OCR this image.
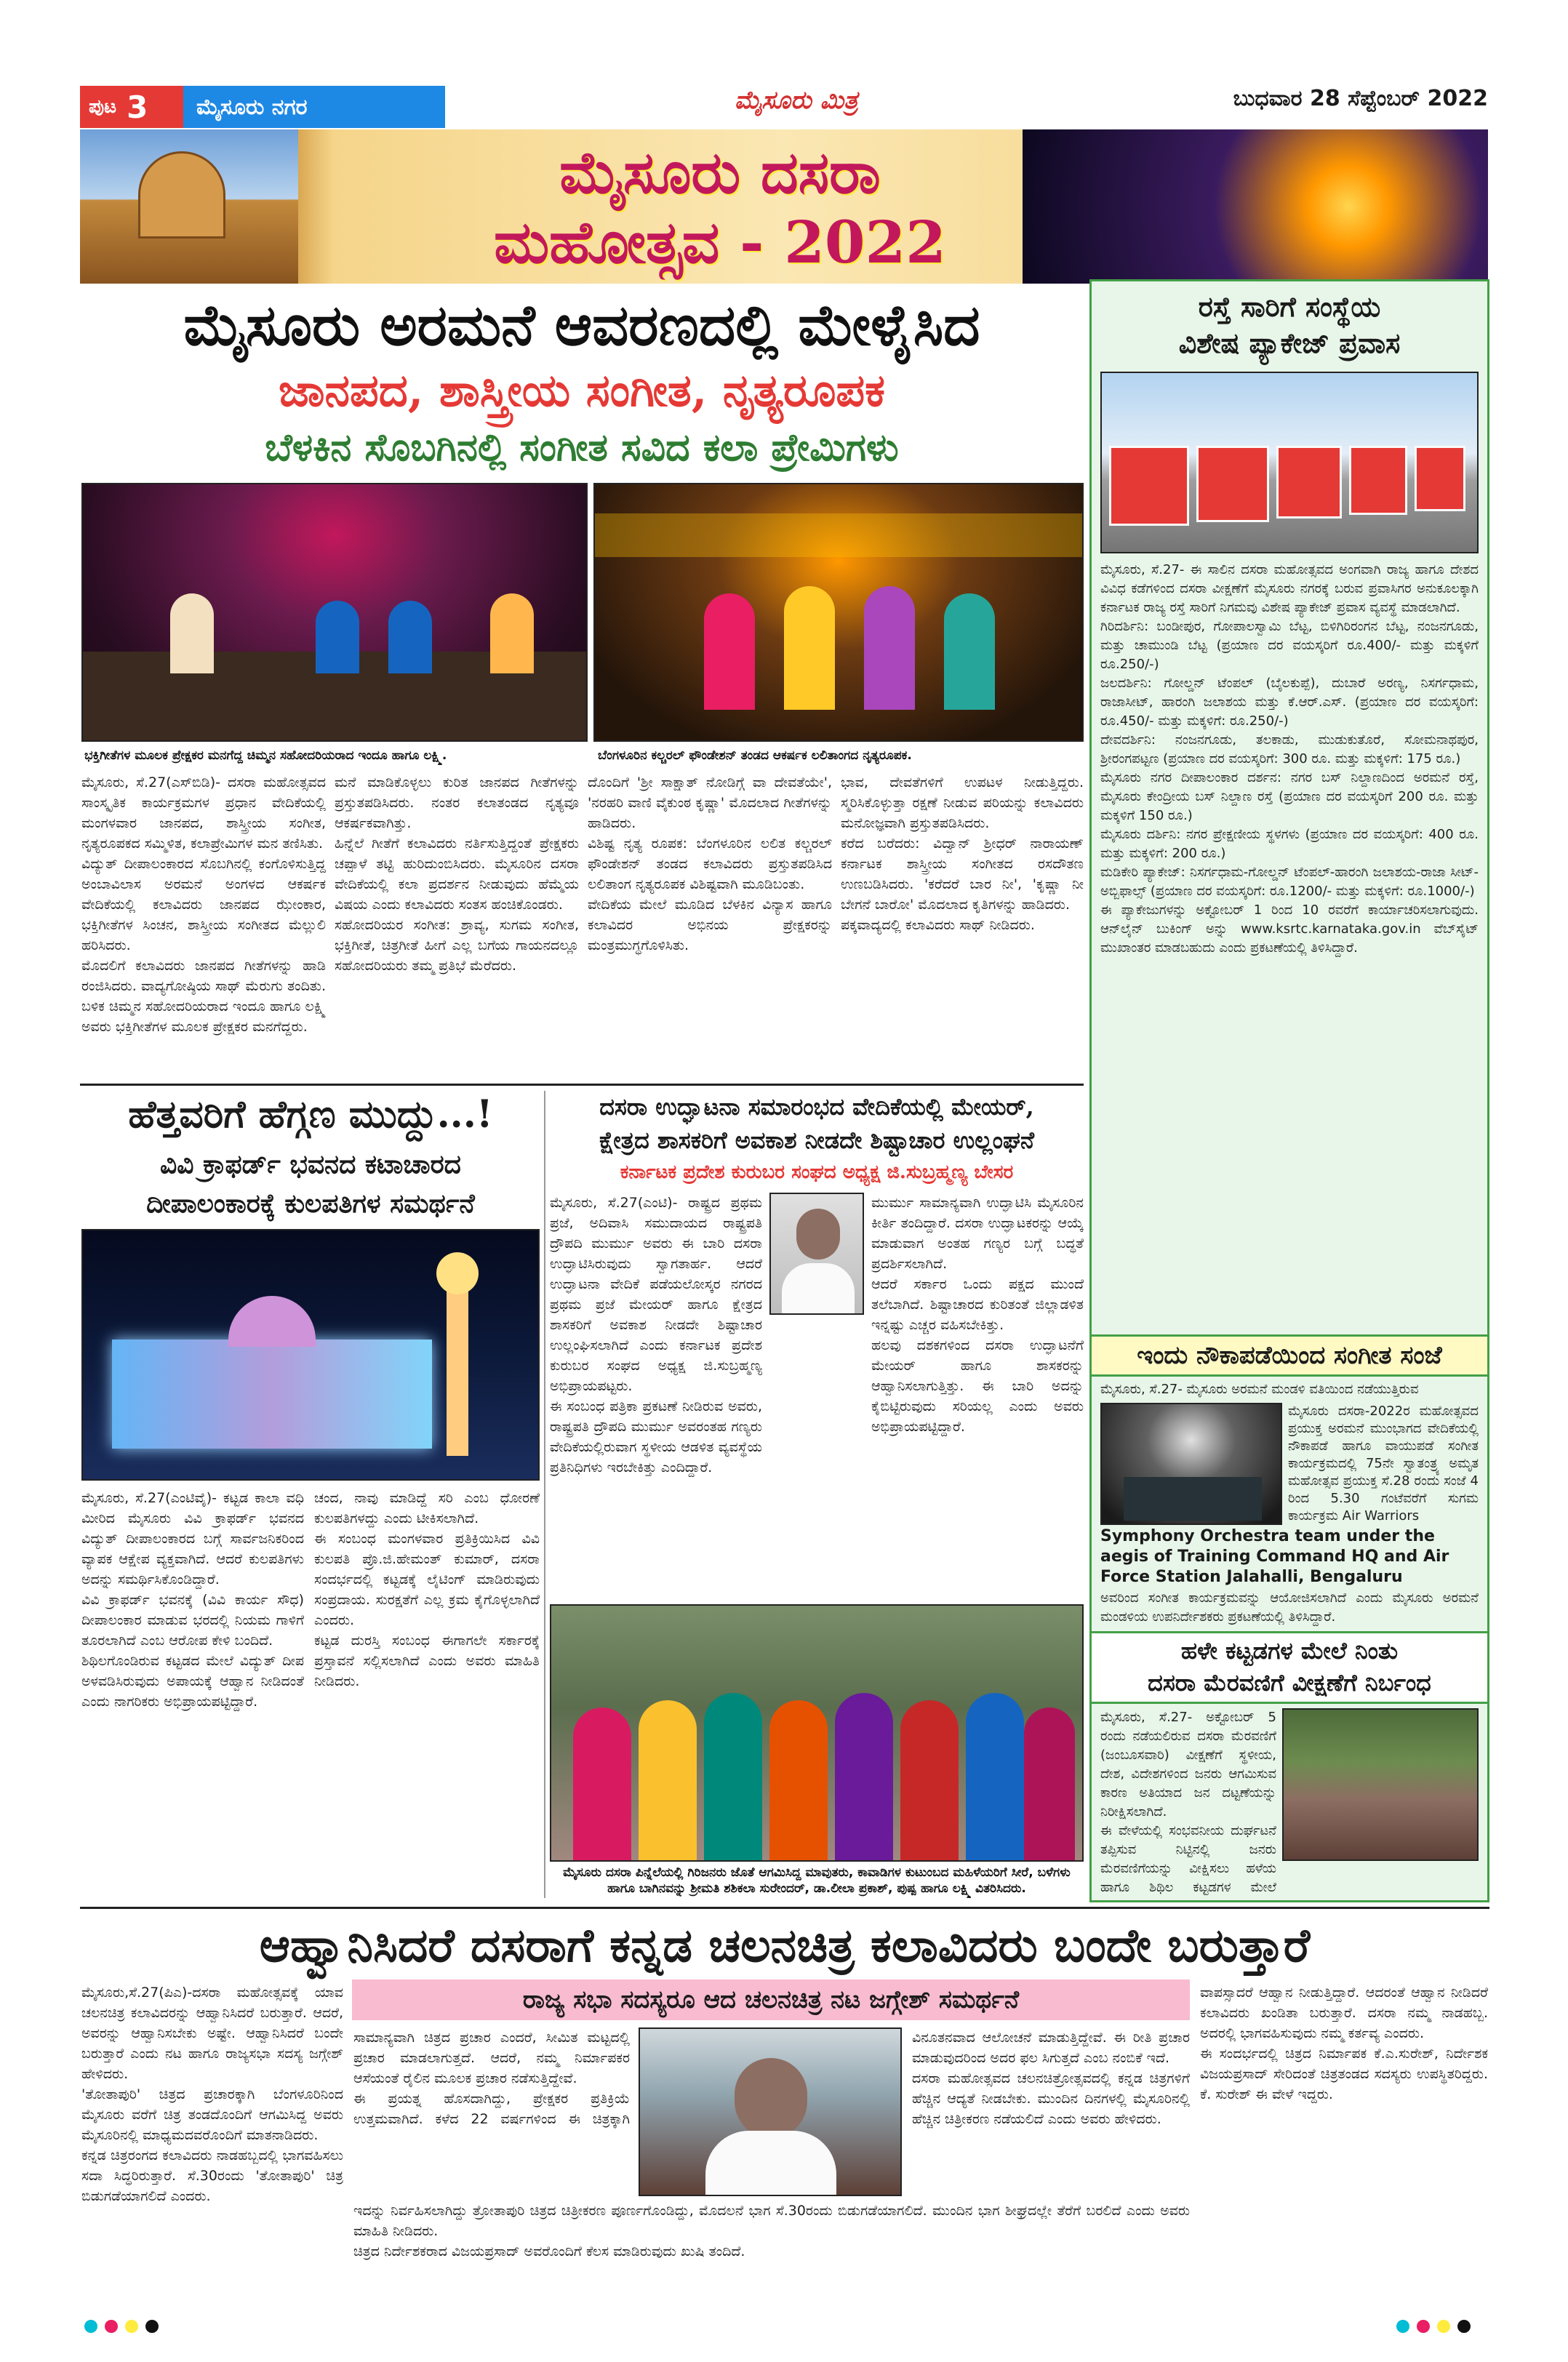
ಪುಟ 3	ಮೈಸೂರು ನಗರ	ಮೈಸೂರು ಮಿತ್ರ	ಬುಧವಾರ 28 ಸೆಪ್ಟೆಂಬರ್ 2022
ಮೈಸೂರು ದಸರಾ
ಮಹೋತ್ಸವ - 2022
ಮೈಸೂರು ಅರಮನೆ ಆವರಣದಲ್ಲಿ ಮೇಳೈಸಿದ
ಜಾನಪದ, ಶಾಸ್ತ್ರೀಯ ಸಂಗೀತ, ನೃತ್ಯರೂಪಕ
ಬೆಳಕಿನ ಸೊಬಗಿನಲ್ಲಿ ಸಂಗೀತ ಸವಿದ ಕಲಾ ಪ್ರೇಮಿಗಳು
ಭಕ್ತಿಗೀತೆಗಳ ಮೂಲಕ ಪ್ರೇಕ್ಷಕರ ಮನಗೆದ್ದ ಚಿಮ್ಮನ ಸಹೋದರಿಯರಾದ ಇಂದೂ ಹಾಗೂ ಲಕ್ಷ್ಮಿ.	ಬೆಂಗಳೂರಿನ ಕಲ್ಚರಲ್ ಫೌಂಡೇಶನ್ ತಂಡದ ಆಕರ್ಷಕ ಲಲಿತಾಂಗದ ನೃತ್ಯರೂಪಕ.
ಮೈಸೂರು, ಸೆ.27(ಎಸ್‌ಬಿಡಿ)- ದಸರಾ ಮಹೋತ್ಸವದ ಸಾಂಸ್ಕೃತಿಕ ಕಾರ್ಯಕ್ರಮಗಳ ಪ್ರಧಾನ ವೇದಿಕೆಯಲ್ಲಿ ಮಂಗಳವಾರ ಜಾನಪದ, ಶಾಸ್ತ್ರೀಯ ಸಂಗೀತ, ನೃತ್ಯರೂಪಕದ ಸಮ್ಮಿಳಿತ, ಕಲಾಪ್ರೇಮಿಗಳ ಮನ ತಣಿಸಿತು.
ವಿದ್ಯುತ್ ದೀಪಾಲಂಕಾರದ ಸೊಬಗಿನಲ್ಲಿ ಕಂಗೊಳಿಸುತ್ತಿದ್ದ ಅಂಬಾವಿಲಾಸ ಅರಮನೆ ಅಂಗಳದ ಆಕರ್ಷಕ ವೇದಿಕೆಯಲ್ಲಿ ಕಲಾವಿದರು ಜಾನಪದ ಝೇಂಕಾರ, ಭಕ್ತಿಗೀತೆಗಳ ಸಿಂಚನ, ಶಾಸ್ತ್ರೀಯ ಸಂಗೀತದ ಮೆಲ್ಲುಲಿ ಹರಿಸಿದರು.
ಮೊದಲಿಗೆ ಕಲಾವಿದರು ಜಾನಪದ ಗೀತೆಗಳನ್ನು ಹಾಡಿ ರಂಜಿಸಿದರು. ವಾದ್ಯಗೋಷ್ಠಿಯ ಸಾಥ್ ಮೆರುಗು ತಂದಿತು. ಬಳಿಕ ಚಿಮ್ಮನ ಸಹೋದರಿಯರಾದ ಇಂದೂ ಹಾಗೂ ಲಕ್ಷ್ಮಿ ಅವರು ಭಕ್ತಿಗೀತೆಗಳ ಮೂಲಕ ಪ್ರೇಕ್ಷಕರ ಮನಗೆದ್ದರು.
ಮನೆ ಮಾಡಿಕೊಳ್ಳಲು ಕುರಿತ ಜಾನಪದ ಗೀತೆಗಳನ್ನು ಪ್ರಸ್ತುತಪಡಿಸಿದರು. ನಂತರ ಕಲಾತಂಡದ ನೃತ್ಯವೂ ಆಕರ್ಷಕವಾಗಿತ್ತು.
ಹಿನ್ನೆಲೆ ಗೀತೆಗೆ ಕಲಾವಿದರು ನರ್ತಿಸುತ್ತಿದ್ದಂತೆ ಪ್ರೇಕ್ಷಕರು ಚಪ್ಪಾಳೆ ತಟ್ಟಿ ಹುರಿದುಂಬಿಸಿದರು. ಮೈಸೂರಿನ ದಸರಾ ವೇದಿಕೆಯಲ್ಲಿ ಕಲಾ ಪ್ರದರ್ಶನ ನೀಡುವುದು ಹೆಮ್ಮೆಯ ವಿಷಯ ಎಂದು ಕಲಾವಿದರು ಸಂತಸ ಹಂಚಿಕೊಂಡರು.
ಸಹೋದರಿಯರ ಸಂಗೀತ: ಶ್ರಾವ್ಯ, ಸುಗಮ ಸಂಗೀತ, ಭಕ್ತಿಗೀತೆ, ಚಿತ್ರಗೀತೆ ಹೀಗೆ ಎಲ್ಲ ಬಗೆಯ ಗಾಯನದಲ್ಲೂ ಸಹೋದರಿಯರು ತಮ್ಮ ಪ್ರತಿಭೆ ಮೆರೆದರು.
ದೊಂದಿಗೆ 'ಶ್ರೀ ಸಾಕ್ಷಾತ್ ನೋಡಿಗ್ಗೆ ವಾ ದೇವತೆಯೇ', 'ನರಹರಿ ವಾಣಿ ವೈಕುಂಠ ಕೃಷ್ಣಾ' ಮೊದಲಾದ ಗೀತೆಗಳನ್ನು ಹಾಡಿದರು.
ವಿಶಿಷ್ಟ ನೃತ್ಯ ರೂಪಕ: ಬೆಂಗಳೂರಿನ ಲಲಿತ ಕಲ್ಚರಲ್ ಫೌಂಡೇಶನ್ ತಂಡದ ಕಲಾವಿದರು ಪ್ರಸ್ತುತಪಡಿಸಿದ ಲಲಿತಾಂಗ ನೃತ್ಯರೂಪಕ ವಿಶಿಷ್ಟವಾಗಿ ಮೂಡಿಬಂತು.
ವೇದಿಕೆಯ ಮೇಲೆ ಮೂಡಿದ ಬೆಳಕಿನ ವಿನ್ಯಾಸ ಹಾಗೂ ಕಲಾವಿದರ ಅಭಿನಯ ಪ್ರೇಕ್ಷಕರನ್ನು ಮಂತ್ರಮುಗ್ಧಗೊಳಿಸಿತು.
ಭಾವ, ದೇವತೆಗಳಿಗೆ ಉಪಟಳ ನೀಡುತ್ತಿದ್ದರು. ಸ್ಮರಿಸಿಕೊಳ್ಳುತ್ತಾ ರಕ್ಷಣೆ ನೀಡುವ ಪರಿಯನ್ನು ಕಲಾವಿದರು ಮನೋಜ್ಞವಾಗಿ ಪ್ರಸ್ತುತಪಡಿಸಿದರು.
ಕರೆದ ಬರೆದರು: ವಿದ್ವಾನ್ ಶ್ರೀಧರ್ ನಾರಾಯಣ್ ಕರ್ನಾಟಕ ಶಾಸ್ತ್ರೀಯ ಸಂಗೀತದ ರಸದೌತಣ ಉಣಬಡಿಸಿದರು. 'ಕರೆದರೆ ಬಾರ ನೀ', 'ಕೃಷ್ಣಾ ನೀ ಬೇಗನೆ ಬಾರೋ' ಮೊದಲಾದ ಕೃತಿಗಳನ್ನು ಹಾಡಿದರು.
ಪಕ್ಕವಾದ್ಯದಲ್ಲಿ ಕಲಾವಿದರು ಸಾಥ್ ನೀಡಿದರು.
ಹೆತ್ತವರಿಗೆ ಹೆಗ್ಗಣ ಮುದ್ದು...!
ವಿವಿ ಕ್ರಾಫರ್ಡ್ ಭವನದ ಕಟಾಚಾರದ
ದೀಪಾಲಂಕಾರಕ್ಕೆ ಕುಲಪತಿಗಳ ಸಮರ್ಥನೆ
ಮೈಸೂರು, ಸೆ.27(ಎಂಟಿವೈ)- ಕಟ್ಟಡ ಕಾಲಾ ವಧಿ ಮೀರಿದ ಮೈಸೂರು ವಿವಿ ಕ್ರಾಫರ್ಡ್ ಭವನದ ವಿದ್ಯುತ್ ದೀಪಾಲಂಕಾರದ ಬಗ್ಗೆ ಸಾರ್ವಜನಿಕರಿಂದ ವ್ಯಾಪಕ ಆಕ್ಷೇಪ ವ್ಯಕ್ತವಾಗಿದೆ. ಆದರೆ ಕುಲಪತಿಗಳು ಅದನ್ನು ಸಮರ್ಥಿಸಿಕೊಂಡಿದ್ದಾರೆ.
ವಿವಿ ಕ್ರಾಫರ್ಡ್ ಭವನಕ್ಕೆ (ವಿವಿ ಕಾರ್ಯ ಸೌಧ) ದೀಪಾಲಂಕಾರ ಮಾಡುವ ಭರದಲ್ಲಿ ನಿಯಮ ಗಾಳಿಗೆ ತೂರಲಾಗಿದೆ ಎಂಬ ಆರೋಪ ಕೇಳಿ ಬಂದಿದೆ.
ಶಿಥಿಲಗೊಂಡಿರುವ ಕಟ್ಟಡದ ಮೇಲೆ ವಿದ್ಯುತ್ ದೀಪ ಅಳವಡಿಸಿರುವುದು ಅಪಾಯಕ್ಕೆ ಆಹ್ವಾನ ನೀಡಿದಂತೆ ಎಂದು ನಾಗರಿಕರು ಅಭಿಪ್ರಾಯಪಟ್ಟಿದ್ದಾರೆ.
ಚಂದ, ನಾವು ಮಾಡಿದ್ದೆ ಸರಿ ಎಂಬ ಧೋರಣೆ ಕುಲಪತಿಗಳದ್ದು ಎಂದು ಟೀಕಿಸಲಾಗಿದೆ.
ಈ ಸಂಬಂಧ ಮಂಗಳವಾರ ಪ್ರತಿಕ್ರಿಯಿಸಿದ ವಿವಿ ಕುಲಪತಿ ಪ್ರೊ.ಜಿ.ಹೇಮಂತ್ ಕುಮಾರ್, ದಸರಾ ಸಂದರ್ಭದಲ್ಲಿ ಕಟ್ಟಡಕ್ಕೆ ಲೈಟಿಂಗ್ ಮಾಡಿರುವುದು ಸಂಪ್ರದಾಯ. ಸುರಕ್ಷತೆಗೆ ಎಲ್ಲ ಕ್ರಮ ಕೈಗೊಳ್ಳಲಾಗಿದೆ ಎಂದರು.
ಕಟ್ಟಡ ದುರಸ್ತಿ ಸಂಬಂಧ ಈಗಾಗಲೇ ಸರ್ಕಾರಕ್ಕೆ ಪ್ರಸ್ತಾವನೆ ಸಲ್ಲಿಸಲಾಗಿದೆ ಎಂದು ಅವರು ಮಾಹಿತಿ ನೀಡಿದರು.
ದಸರಾ ಉದ್ಘಾಟನಾ ಸಮಾರಂಭದ ವೇದಿಕೆಯಲ್ಲಿ ಮೇಯರ್,
ಕ್ಷೇತ್ರದ ಶಾಸಕರಿಗೆ ಅವಕಾಶ ನೀಡದೇ ಶಿಷ್ಟಾಚಾರ ಉಲ್ಲಂಘನೆ
ಕರ್ನಾಟಕ ಪ್ರದೇಶ ಕುರುಬರ ಸಂಘದ ಅಧ್ಯಕ್ಷ ಜಿ.ಸುಬ್ರಹ್ಮಣ್ಯ ಬೇಸರ
ಮೈಸೂರು, ಸೆ.27(ಎಂಟಿ)- ರಾಷ್ಟ್ರದ ಪ್ರಥಮ ಪ್ರಜೆ, ಅದಿವಾಸಿ ಸಮುದಾಯದ ರಾಷ್ಟ್ರಪತಿ ದ್ರೌಪದಿ ಮುರ್ಮು ಅವರು ಈ ಬಾರಿ ದಸರಾ ಉದ್ಘಾಟಿಸಿರುವುದು ಸ್ವಾಗತಾರ್ಹ. ಆದರೆ ಉದ್ಘಾಟನಾ ವೇದಿಕೆ ಪಡೆಯಲೋಸ್ಕರ ನಗರದ ಪ್ರಥಮ ಪ್ರಜೆ ಮೇಯರ್ ಹಾಗೂ ಕ್ಷೇತ್ರದ ಶಾಸಕರಿಗೆ ಅವಕಾಶ ನೀಡದೇ ಶಿಷ್ಟಾಚಾರ ಉಲ್ಲಂಘಿಸಲಾಗಿದೆ ಎಂದು ಕರ್ನಾಟಕ ಪ್ರದೇಶ ಕುರುಬರ ಸಂಘದ ಅಧ್ಯಕ್ಷ ಜಿ.ಸುಬ್ರಹ್ಮಣ್ಯ ಅಭಿಪ್ರಾಯಪಟ್ಟರು.
ಈ ಸಂಬಂಧ ಪತ್ರಿಕಾ ಪ್ರಕಟಣೆ ನೀಡಿರುವ ಅವರು, ರಾಷ್ಟ್ರಪತಿ ದ್ರೌಪದಿ ಮುರ್ಮು ಅವರಂತಹ ಗಣ್ಯರು ವೇದಿಕೆಯಲ್ಲಿರುವಾಗ ಸ್ಥಳೀಯ ಆಡಳಿತ ವ್ಯವಸ್ಥೆಯ ಪ್ರತಿನಿಧಿಗಳು ಇರಬೇಕಿತ್ತು ಎಂದಿದ್ದಾರೆ.
ಮುರ್ಮು ಸಾಮಾನ್ಯವಾಗಿ ಉದ್ಘಾಟಿಸಿ ಮೈಸೂರಿನ ಕೀರ್ತಿ ತಂದಿದ್ದಾರೆ. ದಸರಾ ಉದ್ಘಾಟಕರನ್ನು ಆಯ್ಕೆ ಮಾಡುವಾಗ ಅಂತಹ ಗಣ್ಯರ ಬಗ್ಗೆ ಬದ್ಧತೆ ಪ್ರದರ್ಶಿಸಲಾಗಿದೆ.
ಆದರೆ ಸರ್ಕಾರ ಒಂದು ಪಕ್ಷದ ಮುಂದೆ ತಲೆಬಾಗಿದೆ. ಶಿಷ್ಟಾಚಾರದ ಕುರಿತಂತೆ ಜಿಲ್ಲಾಡಳಿತ ಇನ್ನಷ್ಟು ಎಚ್ಚರ ವಹಿಸಬೇಕಿತ್ತು.
ಹಲವು ದಶಕಗಳಿಂದ ದಸರಾ ಉದ್ಘಾಟನೆಗೆ ಮೇಯರ್ ಹಾಗೂ ಶಾಸಕರನ್ನು ಆಹ್ವಾನಿಸಲಾಗುತ್ತಿತ್ತು. ಈ ಬಾರಿ ಅದನ್ನು ಕೈಬಿಟ್ಟಿರುವುದು ಸರಿಯಲ್ಲ ಎಂದು ಅವರು ಅಭಿಪ್ರಾಯಪಟ್ಟಿದ್ದಾರೆ.
ಮೈಸೂರು ದಸರಾ ಪಿನ್ನೆಲೆಯಲ್ಲಿ ಗಿರಿಜನರು ಜೊತೆ ಆಗಮಿಸಿದ್ದ ಮಾವುತರು, ಕಾವಾಡಿಗಳ ಕುಟುಂಬದ ಮಹಿಳೆಯರಿಗೆ ಸೀರೆ, ಬಳೆಗಳು ಹಾಗೂ ಬಾಗಿನವನ್ನು ಶ್ರೀಮತಿ ಶಶಿಕಲಾ ಸುರೇಂದರ್, ಡಾ.ಲೀಲಾ ಪ್ರಕಾಶ್, ಪುಷ್ಪ ಹಾಗೂ ಲಕ್ಷ್ಮಿ ವಿತರಿಸಿದರು.
ರಸ್ತೆ ಸಾರಿಗೆ ಸಂಸ್ಥೆಯ
ವಿಶೇಷ ಪ್ಯಾಕೇಜ್ ಪ್ರವಾಸ
ಮೈಸೂರು, ಸೆ.27- ಈ ಸಾಲಿನ ದಸರಾ ಮಹೋತ್ಸವದ ಅಂಗವಾಗಿ ರಾಜ್ಯ ಹಾಗೂ ದೇಶದ ವಿವಿಧ ಕಡೆಗಳಿಂದ ದಸರಾ ವೀಕ್ಷಣೆಗೆ ಮೈಸೂರು ನಗರಕ್ಕೆ ಬರುವ ಪ್ರವಾಸಿಗರ ಅನುಕೂಲಕ್ಕಾಗಿ ಕರ್ನಾಟಕ ರಾಜ್ಯ ರಸ್ತೆ ಸಾರಿಗೆ ನಿಗಮವು ವಿಶೇಷ ಪ್ಯಾಕೇಜ್ ಪ್ರವಾಸ ವ್ಯವಸ್ಥೆ ಮಾಡಲಾಗಿದೆ.
ಗಿರಿದರ್ಶಿನಿ: ಬಂಡೀಪುರ, ಗೋಪಾಲಸ್ವಾಮಿ ಬೆಟ್ಟ, ಬಿಳಿಗಿರಿರಂಗನ ಬೆಟ್ಟ, ನಂಜನಗೂಡು, ಮತ್ತು ಚಾಮುಂಡಿ ಬೆಟ್ಟ (ಪ್ರಯಾಣ ದರ ವಯಸ್ಕರಿಗೆ ರೂ.400/- ಮತ್ತು ಮಕ್ಕಳಿಗೆ ರೂ.250/-)
ಜಲದರ್ಶಿನಿ: ಗೋಲ್ಡನ್ ಟೆಂಪಲ್ (ಬೈಲಕುಪ್ಪೆ), ದುಬಾರೆ ಅರಣ್ಯ, ನಿಸರ್ಗಧಾಮ, ರಾಜಾಸೀಟ್, ಹಾರಂಗಿ ಜಲಾಶಯ ಮತ್ತು ಕೆ.ಆರ್.ಎಸ್. (ಪ್ರಯಾಣ ದರ ವಯಸ್ಕರಿಗೆ: ರೂ.450/- ಮತ್ತು ಮಕ್ಕಳಿಗೆ: ರೂ.250/-)
ದೇವದರ್ಶಿನಿ: ನಂಜನಗೂಡು, ತಲಕಾಡು, ಮುಡುಕುತೊರೆ, ಸೋಮನಾಥಪುರ, ಶ್ರೀರಂಗಪಟ್ಟಣ (ಪ್ರಯಾಣ ದರ ವಯಸ್ಕರಿಗೆ: 300 ರೂ. ಮತ್ತು ಮಕ್ಕಳಿಗೆ: 175 ರೂ.)
ಮೈಸೂರು ನಗರ ದೀಪಾಲಂಕಾರ ದರ್ಶನ: ನಗರ ಬಸ್ ನಿಲ್ದಾಣದಿಂದ ಅರಮನೆ ರಸ್ತೆ, ಮೈಸೂರು ಕೇಂದ್ರೀಯ ಬಸ್ ನಿಲ್ದಾಣ ರಸ್ತೆ (ಪ್ರಯಾಣ ದರ ವಯಸ್ಕರಿಗೆ 200 ರೂ. ಮತ್ತು ಮಕ್ಕಳಿಗೆ 150 ರೂ.)
ಮೈಸೂರು ದರ್ಶಿನಿ: ನಗರ ಪ್ರೇಕ್ಷಣೀಯ ಸ್ಥಳಗಳು (ಪ್ರಯಾಣ ದರ ವಯಸ್ಕರಿಗೆ: 400 ರೂ. ಮತ್ತು ಮಕ್ಕಳಿಗೆ: 200 ರೂ.)
ಮಡಿಕೇರಿ ಪ್ಯಾಕೇಜ್: ನಿಸರ್ಗಧಾಮ-ಗೋಲ್ಡನ್ ಟೆಂಪಲ್-ಹಾರಂಗಿ ಜಲಾಶಯ-ರಾಜಾ ಸೀಟ್-ಅಬ್ಬಿಫಾಲ್ಸ್ (ಪ್ರಯಾಣ ದರ ವಯಸ್ಕರಿಗೆ: ರೂ.1200/- ಮತ್ತು ಮಕ್ಕಳಿಗೆ: ರೂ.1000/-)
ಈ ಪ್ಯಾಕೇಜುಗಳನ್ನು ಅಕ್ಟೋಬರ್ 1 ರಿಂದ 10 ರವರೆಗೆ ಕಾರ್ಯಾಚರಿಸಲಾಗುವುದು. ಆನ್‌ಲೈನ್ ಬುಕಿಂಗ್ ಅನ್ನು www.ksrtc.karnataka.gov.in ವೆಬ್‌ಸೈಟ್ ಮುಖಾಂತರ ಮಾಡಬಹುದು ಎಂದು ಪ್ರಕಟಣೆಯಲ್ಲಿ ತಿಳಿಸಿದ್ದಾರೆ.
ಇಂದು ನೌಕಾಪಡೆಯಿಂದ ಸಂಗೀತ ಸಂಜೆ
ಮೈಸೂರು, ಸೆ.27- ಮೈಸೂರು ಅರಮನೆ ಮಂಡಳಿ ವತಿಯಿಂದ ನಡೆಯುತ್ತಿರುವ
ಮೈಸೂರು ದಸರಾ-2022ರ ಮಹೋತ್ಸವದ ಪ್ರಯುಕ್ತ ಅರಮನೆ ಮುಂಭಾಗದ ವೇದಿಕೆಯಲ್ಲಿ ನೌಕಾಪಡೆ ಹಾಗೂ ವಾಯುಪಡೆ ಸಂಗೀತ ಕಾರ್ಯಕ್ರಮದಲ್ಲಿ 75ನೇ ಸ್ವಾತಂತ್ರ್ಯ ಅಮೃತ ಮಹೋತ್ಸವ ಪ್ರಯುಕ್ತ ಸೆ.28 ರಂದು ಸಂಜೆ 4 ರಿಂದ 5.30 ಗಂಟೆವರೆಗೆ ಸುಗಮ ಕಾರ್ಯಕ್ರಮ Air Warriors
Symphony Orchestra team under the aegis of Training Command HQ and Air Force Station Jalahalli, Bengaluru
ಅವರಿಂದ ಸಂಗೀತ ಕಾರ್ಯಕ್ರಮವನ್ನು ಆಯೋಜಿಸಲಾಗಿದೆ ಎಂದು ಮೈಸೂರು ಅರಮನೆ ಮಂಡಳಿಯ ಉಪನಿರ್ದೇಶಕರು ಪ್ರಕಟಣೆಯಲ್ಲಿ ತಿಳಿಸಿದ್ದಾರೆ.
ಹಳೇ ಕಟ್ಟಡಗಳ ಮೇಲೆ ನಿಂತು
ದಸರಾ ಮೆರವಣಿಗೆ ವೀಕ್ಷಣೆಗೆ ನಿರ್ಬಂಧ
ಮೈಸೂರು, ಸೆ.27- ಅಕ್ಟೋಬರ್ 5 ರಂದು ನಡೆಯಲಿರುವ ದಸರಾ ಮೆರವಣಿಗೆ (ಜಂಬೂಸವಾರಿ) ವೀಕ್ಷಣೆಗೆ ಸ್ಥಳೀಯ, ದೇಶ, ವಿದೇಶಗಳಿಂದ ಜನರು ಆಗಮಿಸುವ ಕಾರಣ ಅತಿಯಾದ ಜನ ದಟ್ಟಣೆಯನ್ನು ನಿರೀಕ್ಷಿಸಲಾಗಿದೆ.
ಈ ವೇಳೆಯಲ್ಲಿ ಸಂಭವನೀಯ ದುರ್ಘಟನೆ ತಪ್ಪಿಸುವ ನಿಟ್ಟಿನಲ್ಲಿ ಜನರು ಮೆರವಣಿಗೆಯನ್ನು ವೀಕ್ಷಿಸಲು ಹಳೆಯ ಹಾಗೂ ಶಿಥಿಲ ಕಟ್ಟಡಗಳ ಮೇಲೆ

ಆಹ್ವಾನಿಸಿದರೆ ದಸರಾಗೆ ಕನ್ನಡ ಚಲನಚಿತ್ರ ಕಲಾವಿದರು ಬಂದೇ ಬರುತ್ತಾರೆ
ಮೈಸೂರು,ಸೆ.27(ಪಿಎ)-ದಸರಾ ಮಹೋತ್ಸವಕ್ಕೆ ಯಾವ ಚಲನಚಿತ್ರ ಕಲಾವಿದರನ್ನು ಆಹ್ವಾನಿಸಿದರೆ ಬರುತ್ತಾರೆ. ಆದರೆ, ಅವರನ್ನು ಆಹ್ವಾನಿಸಬೇಕು ಅಷ್ಟೇ. ಆಹ್ವಾನಿಸಿದರೆ ಬಂದೇ ಬರುತ್ತಾರೆ ಎಂದು ನಟ ಹಾಗೂ ರಾಜ್ಯಸಭಾ ಸದಸ್ಯ ಜಗ್ಗೇಶ್ ಹೇಳಿದರು.
'ತೋತಾಪುರಿ' ಚಿತ್ರದ ಪ್ರಚಾರಕ್ಕಾಗಿ ಬೆಂಗಳೂರಿನಿಂದ ಮೈಸೂರು ವರೆಗೆ ಚಿತ್ರ ತಂಡದೊಂದಿಗೆ ಆಗಮಿಸಿದ್ದ ಅವರು ಮೈಸೂರಿನಲ್ಲಿ ಮಾಧ್ಯಮದವರೊಂದಿಗೆ ಮಾತನಾಡಿದರು.
ಕನ್ನಡ ಚಿತ್ರರಂಗದ ಕಲಾವಿದರು ನಾಡಹಬ್ಬದಲ್ಲಿ ಭಾಗವಹಿಸಲು ಸದಾ ಸಿದ್ಧರಿರುತ್ತಾರೆ. ಸೆ.30ರಂದು 'ತೋತಾಪುರಿ' ಚಿತ್ರ ಬಿಡುಗಡೆಯಾಗಲಿದೆ ಎಂದರು.
ರಾಜ್ಯ ಸಭಾ ಸದಸ್ಯರೂ ಆದ ಚಲನಚಿತ್ರ ನಟ ಜಗ್ಗೇಶ್ ಸಮರ್ಥನೆ
ಸಾಮಾನ್ಯವಾಗಿ ಚಿತ್ರದ ಪ್ರಚಾರ ಎಂದರೆ, ಸೀಮಿತ ಮಟ್ಟದಲ್ಲಿ ಪ್ರಚಾರ ಮಾಡಲಾಗುತ್ತದೆ. ಆದರೆ, ನಮ್ಮ ನಿರ್ಮಾಪಕರ ಆಸೆಯಂತೆ ರೈಲಿನ ಮೂಲಕ ಪ್ರಚಾರ ನಡೆಸುತ್ತಿದ್ದೇವೆ.
ಈ ಪ್ರಯತ್ನ ಹೊಸದಾಗಿದ್ದು, ಪ್ರೇಕ್ಷಕರ ಪ್ರತಿಕ್ರಿಯೆ ಉತ್ತಮವಾಗಿದೆ. ಕಳೆದ 22 ವರ್ಷಗಳಿಂದ ಈ ಚಿತ್ರಕ್ಕಾಗಿ
ವಿನೂತನವಾದ ಆಲೋಚನೆ ಮಾಡುತ್ತಿದ್ದೇವೆ. ಈ ರೀತಿ ಪ್ರಚಾರ ಮಾಡುವುದರಿಂದ ಅದರ ಫಲ ಸಿಗುತ್ತದೆ ಎಂಬ ನಂಬಿಕೆ ಇದೆ.
ದಸರಾ ಮಹೋತ್ಸವದ ಚಲನಚಿತ್ರೋತ್ಸವದಲ್ಲಿ ಕನ್ನಡ ಚಿತ್ರಗಳಿಗೆ ಹೆಚ್ಚಿನ ಆದ್ಯತೆ ನೀಡಬೇಕು. ಮುಂದಿನ ದಿನಗಳಲ್ಲಿ ಮೈಸೂರಿನಲ್ಲಿ ಹೆಚ್ಚಿನ ಚಿತ್ರೀಕರಣ ನಡೆಯಲಿದೆ ಎಂದು ಅವರು ಹೇಳಿದರು.
ಇದನ್ನು ನಿರ್ವಹಿಸಲಾಗಿದ್ದು ತ್ರೋತಾಪುರಿ ಚಿತ್ರದ ಚಿತ್ರೀಕರಣ ಪೂರ್ಣಗೊಂಡಿದ್ದು, ಮೊದಲನೆ ಭಾಗ ಸೆ.30ರಂದು ಬಿಡುಗಡೆಯಾಗಲಿದೆ. ಮುಂದಿನ ಭಾಗ ಶೀಘ್ರದಲ್ಲೇ ತೆರೆಗೆ ಬರಲಿದೆ ಎಂದು ಅವರು ಮಾಹಿತಿ ನೀಡಿದರು.
ಚಿತ್ರದ ನಿರ್ದೇಶಕರಾದ ವಿಜಯಪ್ರಸಾದ್ ಅವರೊಂದಿಗೆ ಕೆಲಸ ಮಾಡಿರುವುದು ಖುಷಿ ತಂದಿದೆ.
ವಾಪಸ್ಸಾದರೆ ಆಹ್ವಾನ ನೀಡುತ್ತಿದ್ದಾರೆ. ಆದರಂತೆ ಆಹ್ವಾನ ನೀಡಿದರೆ ಕಲಾವಿದರು ಖಂಡಿತಾ ಬರುತ್ತಾರೆ. ದಸರಾ ನಮ್ಮ ನಾಡಹಬ್ಬ. ಅದರಲ್ಲಿ ಭಾಗವಹಿಸುವುದು ನಮ್ಮ ಕರ್ತವ್ಯ ಎಂದರು.
ಈ ಸಂದರ್ಭದಲ್ಲಿ ಚಿತ್ರದ ನಿರ್ಮಾಪಕ ಕೆ.ಎ.ಸುರೇಶ್, ನಿರ್ದೇಶಕ ವಿಜಯಪ್ರಸಾದ್ ಸೇರಿದಂತೆ ಚಿತ್ರತಂಡದ ಸದಸ್ಯರು ಉಪಸ್ಥಿತರಿದ್ದರು. ಕೆ. ಸುರೇಶ್ ಈ ವೇಳೆ ಇದ್ದರು.
